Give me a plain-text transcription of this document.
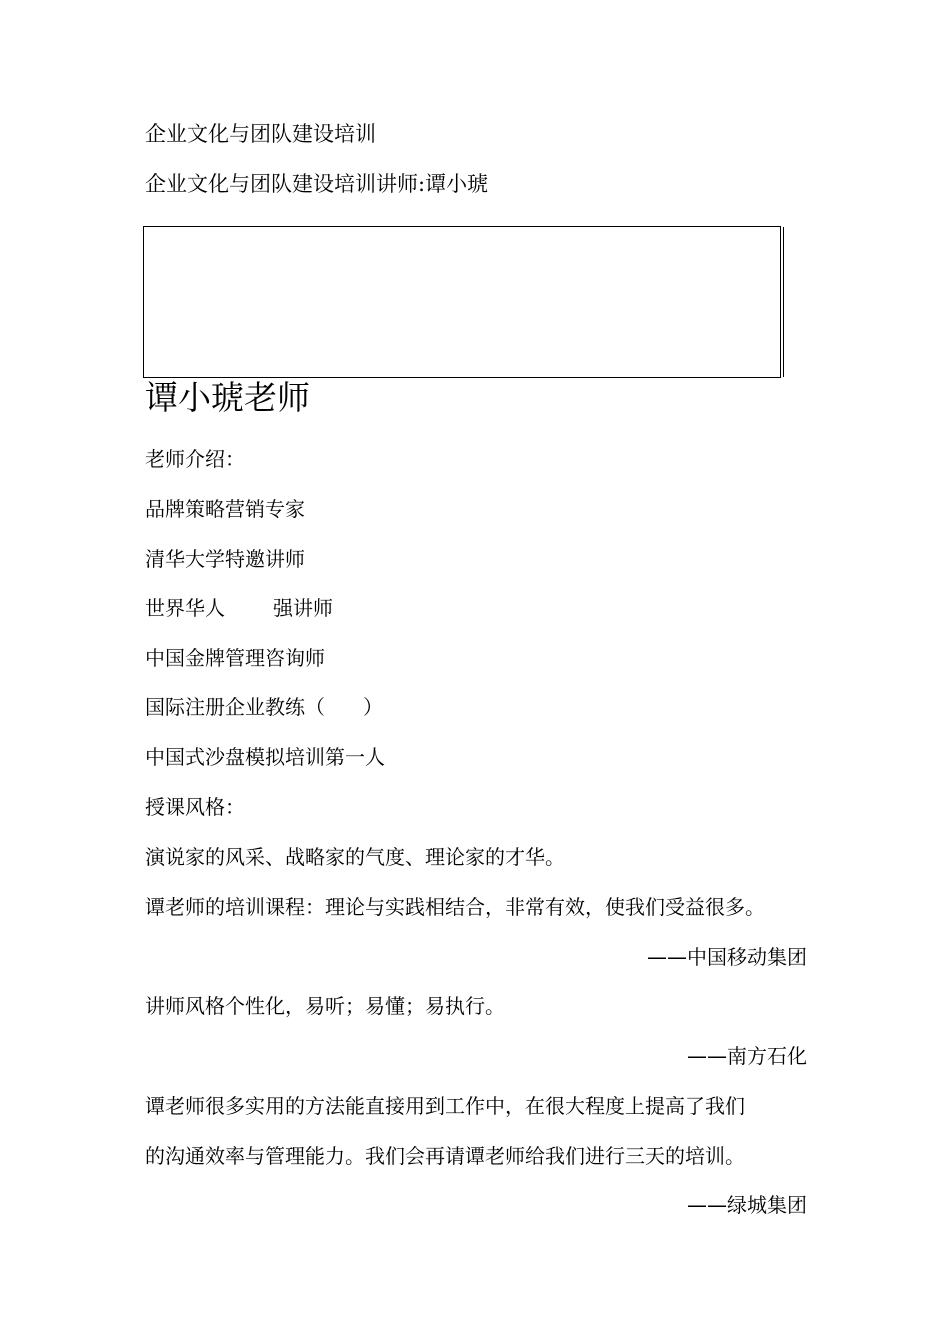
企业文化与团队建设培训
企业文化与团队建设培训讲师:谭小琥
谭小琥老师
老师介绍：
品牌策略营销专家
清华大学特邀讲师
世界华人 强讲师
中国金牌管理咨询师
国际注册企业教练（ ）
中国式沙盘模拟培训第一人
授课风格：
演说家的风采、战略家的气度、理论家的才华。
谭老师的培训课程：理论与实践相结合，非常有效，使我们受益很多。
——中国移动集团
讲师风格个性化，易听；易懂；易执行。
——南方石化
谭老师很多实用的方法能直接用到工作中，在很大程度上提高了我们
的沟通效率与管理能力。我们会再请谭老师给我们进行三天的培训。
——绿城集团
